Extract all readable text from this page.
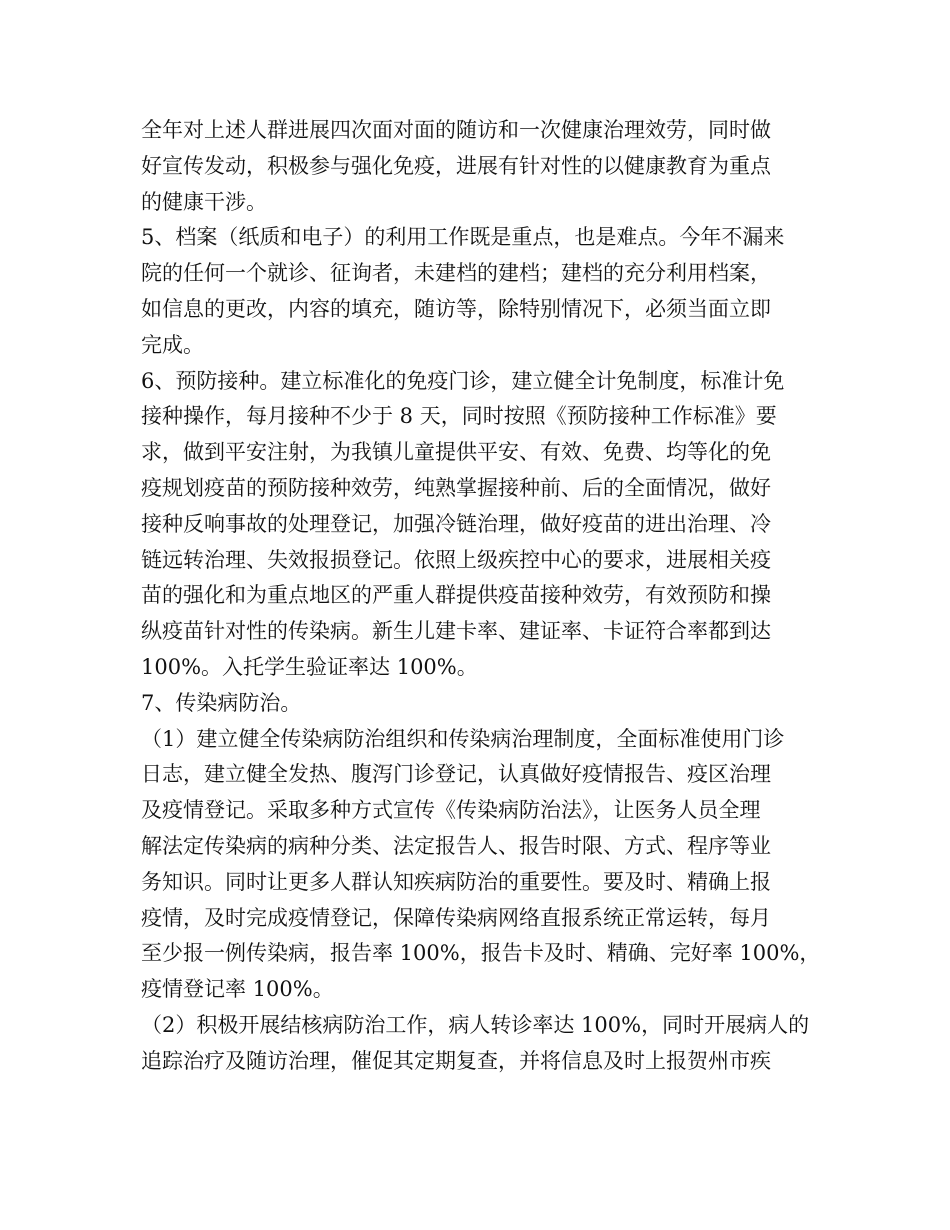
全年对上述人群进展四次面对面的随访和一次健康治理效劳，同时做
好宣传发动，积极参与强化免疫，进展有针对性的以健康教育为重点
的健康干涉。
5、档案（纸质和电子）的利用工作既是重点，也是难点。今年不漏来
院的任何一个就诊、征询者，未建档的建档；建档的充分利用档案，
如信息的更改，内容的填充，随访等，除特别情况下，必须当面立即
完成。
6、预防接种。建立标准化的免疫门诊，建立健全计免制度，标准计免
接种操作，每月接种不少于 8 天，同时按照《预防接种工作标准》要
求，做到平安注射，为我镇儿童提供平安、有效、免费、均等化的免
疫规划疫苗的预防接种效劳，纯熟掌握接种前、后的全面情况，做好
接种反响事故的处理登记，加强冷链治理，做好疫苗的进出治理、冷
链远转治理、失效报损登记。依照上级疾控中心的要求，进展相关疫
苗的强化和为重点地区的严重人群提供疫苗接种效劳，有效预防和操
纵疫苗针对性的传染病。新生儿建卡率、建证率、卡证符合率都到达
100%。入托学生验证率达 100%。
7、传染病防治。
（1）建立健全传染病防治组织和传染病治理制度，全面标准使用门诊
日志，建立健全发热、腹泻门诊登记，认真做好疫情报告、疫区治理
及疫情登记。采取多种方式宣传《传染病防治法》，让医务人员全理
解法定传染病的病种分类、法定报告人、报告时限、方式、程序等业
务知识。同时让更多人群认知疾病防治的重要性。要及时、精确上报
疫情，及时完成疫情登记，保障传染病网络直报系统正常运转，每月
至少报一例传染病，报告率 100%，报告卡及时、精确、完好率 100%，
疫情登记率 100%。
（2）积极开展结核病防治工作，病人转诊率达 100%，同时开展病人的
追踪治疗及随访治理，催促其定期复查，并将信息及时上报贺州市疾
